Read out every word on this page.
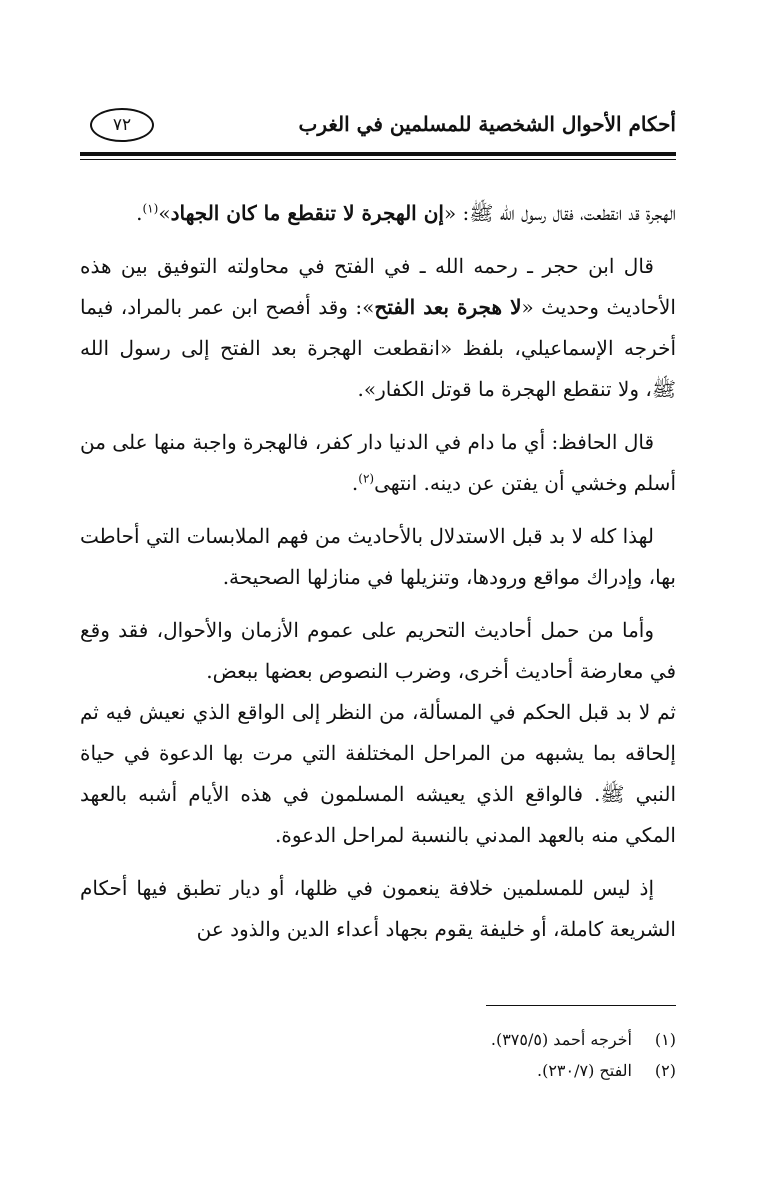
أحكام الأحوال الشخصية للمسلمين في الغرب
٧٢

الهجرة قد انقطعت، فقال رسول الله ﷺ: «إن الهجرة لا تنقطع ما كان الجهاد»$^{(١)}$.

قال ابن حجر ـ رحمه الله ـ في الفتح في محاولته التوفيق بين هذه الأحاديث وحديث «لا هجرة بعد الفتح»: وقد أفصح ابن عمر بالمراد، فيما أخرجه الإسماعيلي، بلفظ «انقطعت الهجرة بعد الفتح إلى رسول الله ﷺ، ولا تنقطع الهجرة ما قوتل الكفار».

قال الحافظ: أي ما دام في الدنيا دار كفر، فالهجرة واجبة منها على من أسلم وخشي أن يفتن عن دينه. انتهى$^{(٢)}$.

لهذا كله لا بد قبل الاستدلال بالأحاديث من فهم الملابسات التي أحاطت بها، وإدراك مواقع ورودها، وتنزيلها في منازلها الصحيحة.

وأما من حمل أحاديث التحريم على عموم الأزمان والأحوال، فقد وقع في معارضة أحاديث أخرى، وضرب النصوص بعضها ببعض.

ثم لا بد قبل الحكم في المسألة، من النظر إلى الواقع الذي نعيش فيه ثم إلحاقه بما يشبهه من المراحل المختلفة التي مرت بها الدعوة في حياة النبي ﷺ. فالواقع الذي يعيشه المسلمون في هذه الأيام أشبه بالعهد المكي منه بالعهد المدني بالنسبة لمراحل الدعوة.

إذ ليس للمسلمين خلافة ينعمون في ظلها، أو ديار تطبق فيها أحكام الشريعة كاملة، أو خليفة يقوم بجهاد أعداء الدين والذود عن

(١)
أخرجه أحمد (٣٧٥/٥).
(٢)
الفتح (٢٣٠/٧).
